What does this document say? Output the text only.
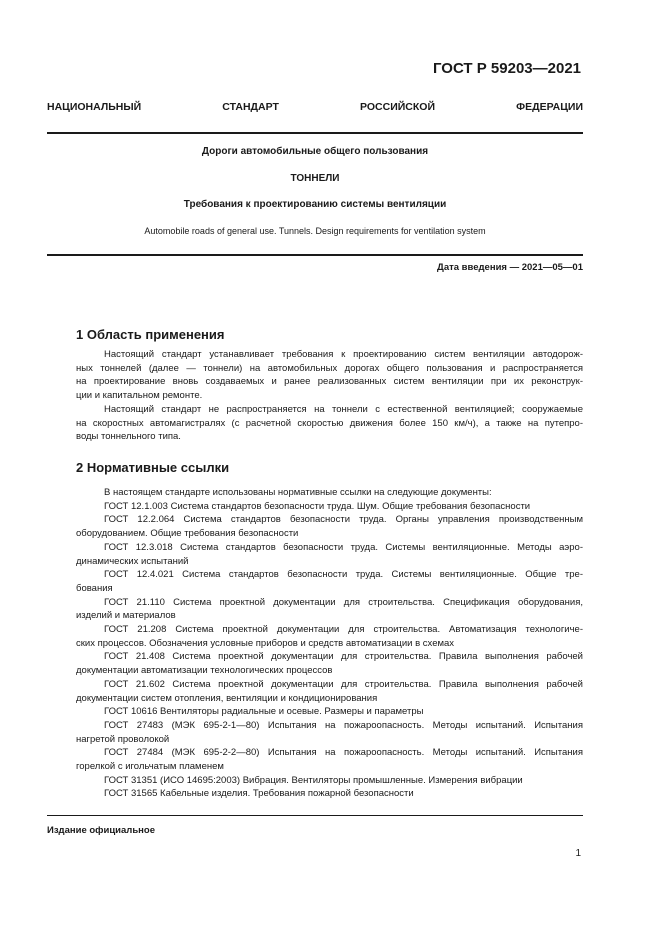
ГОСТ Р 59203—2021
НАЦИОНАЛЬНЫЙ СТАНДАРТ РОССИЙСКОЙ ФЕДЕРАЦИИ
Дороги автомобильные общего пользования
ТОННЕЛИ
Требования к проектированию системы вентиляции
Automobile roads of general use. Tunnels. Design requirements for ventilation system
Дата введения — 2021—05—01
1 Область применения

Настоящий стандарт устанавливает требования к проектированию систем вентиляции автодорож-
ных тоннелей (далее — тоннели) на автомобильных дорогах общего пользования и распространяется
на проектирование вновь создаваемых и ранее реализованных систем вентиляции при их реконструк-
ции и капитальном ремонте.

Настоящий стандарт не распространяется на тоннели с естественной вентиляцией; сооружаемые
на скоростных автомагистралях (с расчетной скоростью движения более 150 км/ч), а также на путепро-
воды тоннельного типа.

2 Нормативные ссылки

В настоящем стандарте использованы нормативные ссылки на следующие документы:

ГОСТ 12.1.003 Система стандартов безопасности труда. Шум. Общие требования безопасности

ГОСТ 12.2.064 Система стандартов безопасности труда. Органы управления производственным
оборудованием. Общие требования безопасности

ГОСТ 12.3.018 Система стандартов безопасности труда. Системы вентиляционные. Методы аэро-
динамических испытаний

ГОСТ 12.4.021 Система стандартов безопасности труда. Системы вентиляционные. Общие тре-
бования

ГОСТ 21.110 Система проектной документации для строительства. Спецификация оборудования,
изделий и материалов

ГОСТ 21.208 Система проектной документации для строительства. Автоматизация технологиче-
ских процессов. Обозначения условные приборов и средств автоматизации в схемах

ГОСТ 21.408 Система проектной документации для строительства. Правила выполнения рабочей
документации автоматизации технологических процессов

ГОСТ 21.602 Система проектной документации для строительства. Правила выполнения рабочей
документации систем отопления, вентиляции и кондиционирования

ГОСТ 10616 Вентиляторы радиальные и осевые. Размеры и параметры

ГОСТ 27483 (МЭК 695-2-1—80) Испытания на пожароопасность. Методы испытаний. Испытания
нагретой проволокой

ГОСТ 27484 (МЭК 695-2-2—80) Испытания на пожароопасность. Методы испытаний. Испытания
горелкой с игольчатым пламенем

ГОСТ 31351 (ИСО 14695:2003) Вибрация. Вентиляторы промышленные. Измерения вибрации

ГОСТ 31565 Кабельные изделия. Требования пожарной безопасности

Издание официальное
1
